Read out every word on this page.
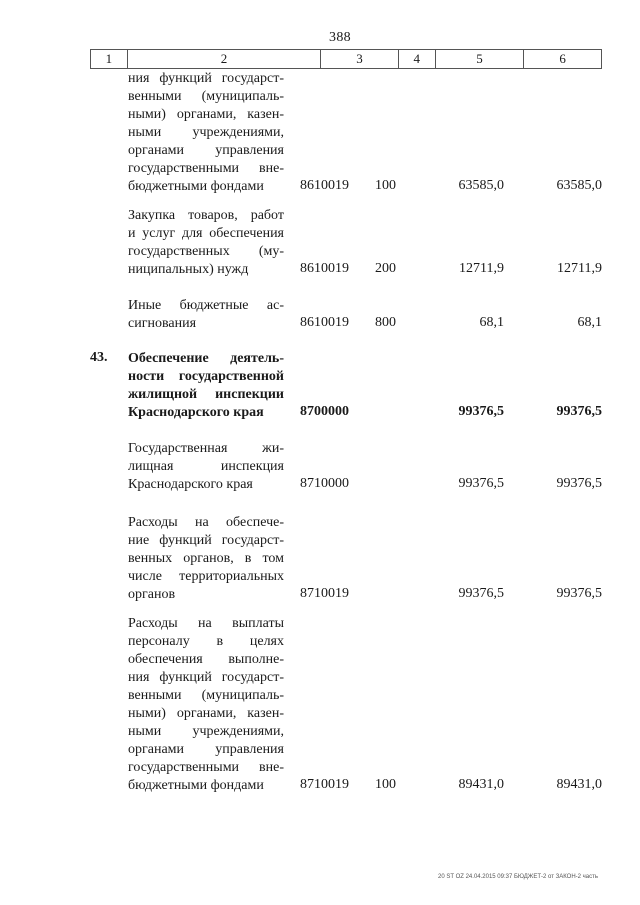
388
1	2	3	4	5	6
ния функций государст-
венными (муниципаль-
ными) органами, казен-
ными учреждениями,
органами управления
государственными вне-
бюджетными фондами	8610019 100	63585,0	63585,0
Закупка товаров, работ
и услуг для обеспечения
государственных (му-
ниципальных) нужд	8610019 200	12711,9	12711,9
Иные бюджетные ас-
сигнования	8610019 800	68,1	68,1
43. Обеспечение деятель-
ности государственной
жилищной инспекции
Краснодарского края	8700000	99376,5	99376,5
Государственная жи-
лищная инспекция
Краснодарского края	8710000	99376,5	99376,5
Расходы на обеспече-
ние функций государст-
венных органов, в том
числе территориальных
органов	8710019	99376,5	99376,5
Расходы на выплаты
персоналу в целях
обеспечения выполне-
ния функций государст-
венными (муниципаль-
ными) органами, казен-
ными учреждениями,
органами управления
государственными вне-
бюджетными фондами	8710019 100	89431,0	89431,0
20 ST OZ 24.04.2015 09:37 БЮДЖЕТ-2 от ЗАКОН-2 часть
